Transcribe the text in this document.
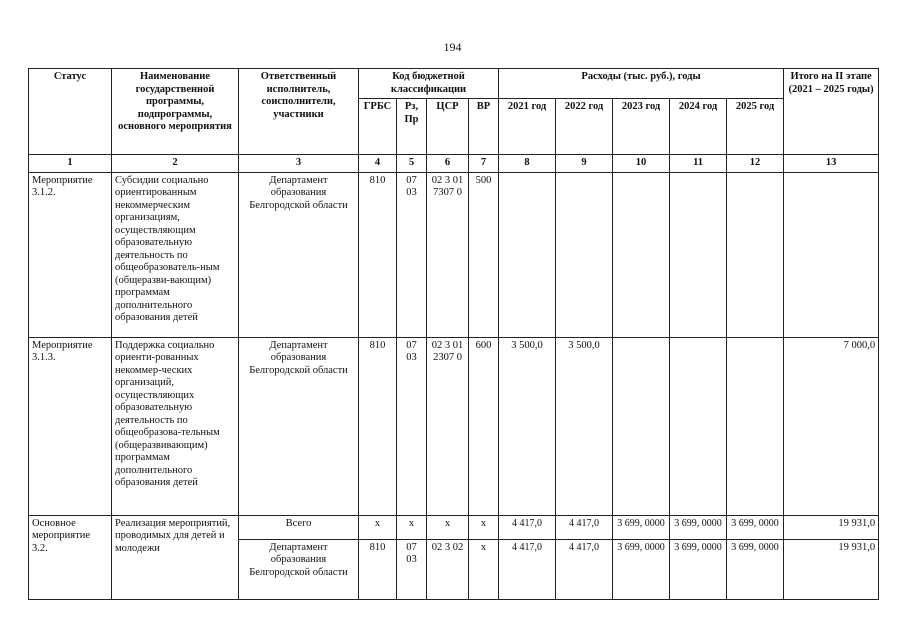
194
Статус	Наименование государственной программы, подпрограммы, основного мероприятия	Ответственный исполнитель, соисполнители, участники	Код бюджетной классификации				Расходы (тыс. руб.), годы					Итого на II этапе (2021 – 2025 годы)
			ГРБС	Рз, Пр	ЦСР	ВР	2021 год	2022 год	2023 год	2024 год	2025 год	
1	2	3	4	5	6	7	8	9	10	11	12	13
Мероприятие 3.1.2.	Субсидии социально ориентированным некоммерческим организациям, осуществляющим образовательную деятельность по общеобразователь-ным (общеразви-вающим) программам дополнительного образования детей	Департамент образования Белгородской области	810	07 03	02 3 01 7307 0	500						
Мероприятие 3.1.3.	Поддержка социально ориенти-рованных некоммер-ческих организаций, осуществляющих образовательную деятельность по общеобразова-тельным (общеразвивающим) программам дополнительного образования детей	Департамент образования Белгородской области	810	07 03	02 3 01 2307 0	600	3 500,0	3 500,0				7 000,0
Основное мероприятие 3.2.	Реализация мероприятий, проводимых для детей и молодежи	Всего	х	х	х	х	4 417,0	4 417,0	3 699, 0000	3 699, 0000	3 699, 0000	19 931,0
		Департамент образования Белгородской области	810	07 03	02 3 02	х	4 417,0	4 417,0	3 699, 0000	3 699, 0000	3 699, 0000	19 931,0
